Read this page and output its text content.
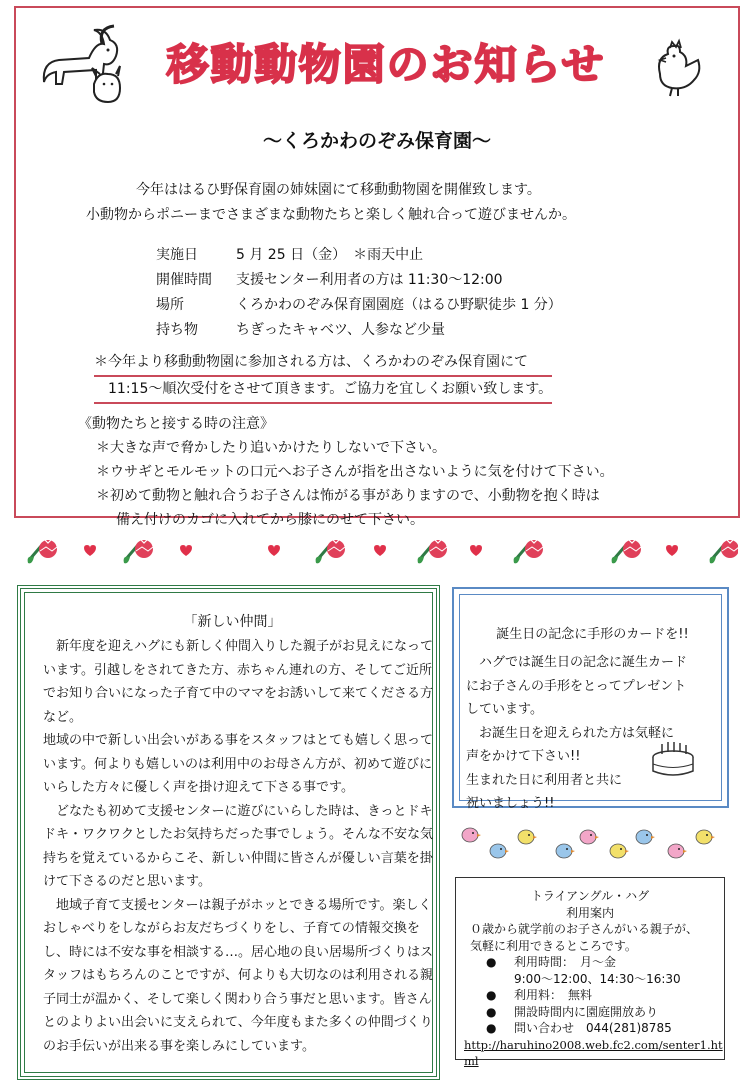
移動動物園のお知らせ
～くろかわのぞみ保育園～

今年ははるひ野保育園の姉妹園にて移動動物園を開催致します。

小動物からポニーまでさまざまな動物たちと楽しく触れ合って遊びませんか。

実施日	5 月 25 日（金）　＊雨天中止
開催時間	支援センター利用者の方は 11:30～12:00
場所	くろかわのぞみ保育園園庭（はるひ野駅徒歩 1 分）
持ち物	ちぎったキャベツ、人参など少量
＊今年より移動動物園に参加される方は、くろかわのぞみ保育園にて
11:15～順次受付をさせて頂きます。ご協力を宜しくお願い致します。
《動物たちと接する時の注意》
＊大きな声で脅かしたり追いかけたりしないで下さい。
＊ウサギとモルモットの口元へお子さんが指を出さないように気を付けて下さい。
＊初めて動物と触れ合うお子さんは怖がる事がありますので、小動物を抱く時は
備え付けのカゴに入れてから膝にのせて下さい。
「新しい仲間」

新年度を迎えハグにも新しく仲間入りした親子がお見えになっています。引越しをされてきた方、赤ちゃん連れの方、そしてご近所でお知り合いになった子育て中のママをお誘いして来てくださる方など。

地域の中で新しい出会いがある事をスタッフはとても嬉しく思っています。何よりも嬉しいのは利用中のお母さん方が、初めて遊びにいらした方々に優しく声を掛け迎えて下さる事です。

どなたも初めて支援センターに遊びにいらした時は、きっとドキドキ・ワクワクとしたお気持ちだった事でしょう。そんな不安な気持ちを覚えているからこそ、新しい仲間に皆さんが優しい言葉を掛けて下さるのだと思います。

地域子育て支援センターは親子がホッとできる場所です。楽しくおしゃべりをしながらお友だちづくりをし、子育ての情報交換をし、時には不安な事を相談する…。居心地の良い居場所づくりはスタッフはもちろんのことですが、何よりも大切なのは利用される親子同士が温かく、そして楽しく関わり合う事だと思います。皆さんとのよりよい出会いに支えられて、今年度もまた多くの仲間づくりのお手伝いが出来る事を楽しみにしています。

誕生日の記念に手形のカードを!!
　ハグでは誕生日の記念に誕生カード
にお子さんの手形をとってプレゼント
しています。
　お誕生日を迎えられた方は気軽に
声をかけて下さい!!
生まれた日に利用者と共に
祝いましょう!!
トライアングル・ハグ
利用案内
０歳から就学前のお子さんがいる親子が、
気軽に利用できるところです。
●	利用時間：　月～金
9:00～12:00、14:30～16:30
●	利用料：　無料
●	開設時間内に園庭開放あり
●	問い合わせ　044(281)8785
http://haruhino2008.web.fc2.com/senter1.ht
ml
